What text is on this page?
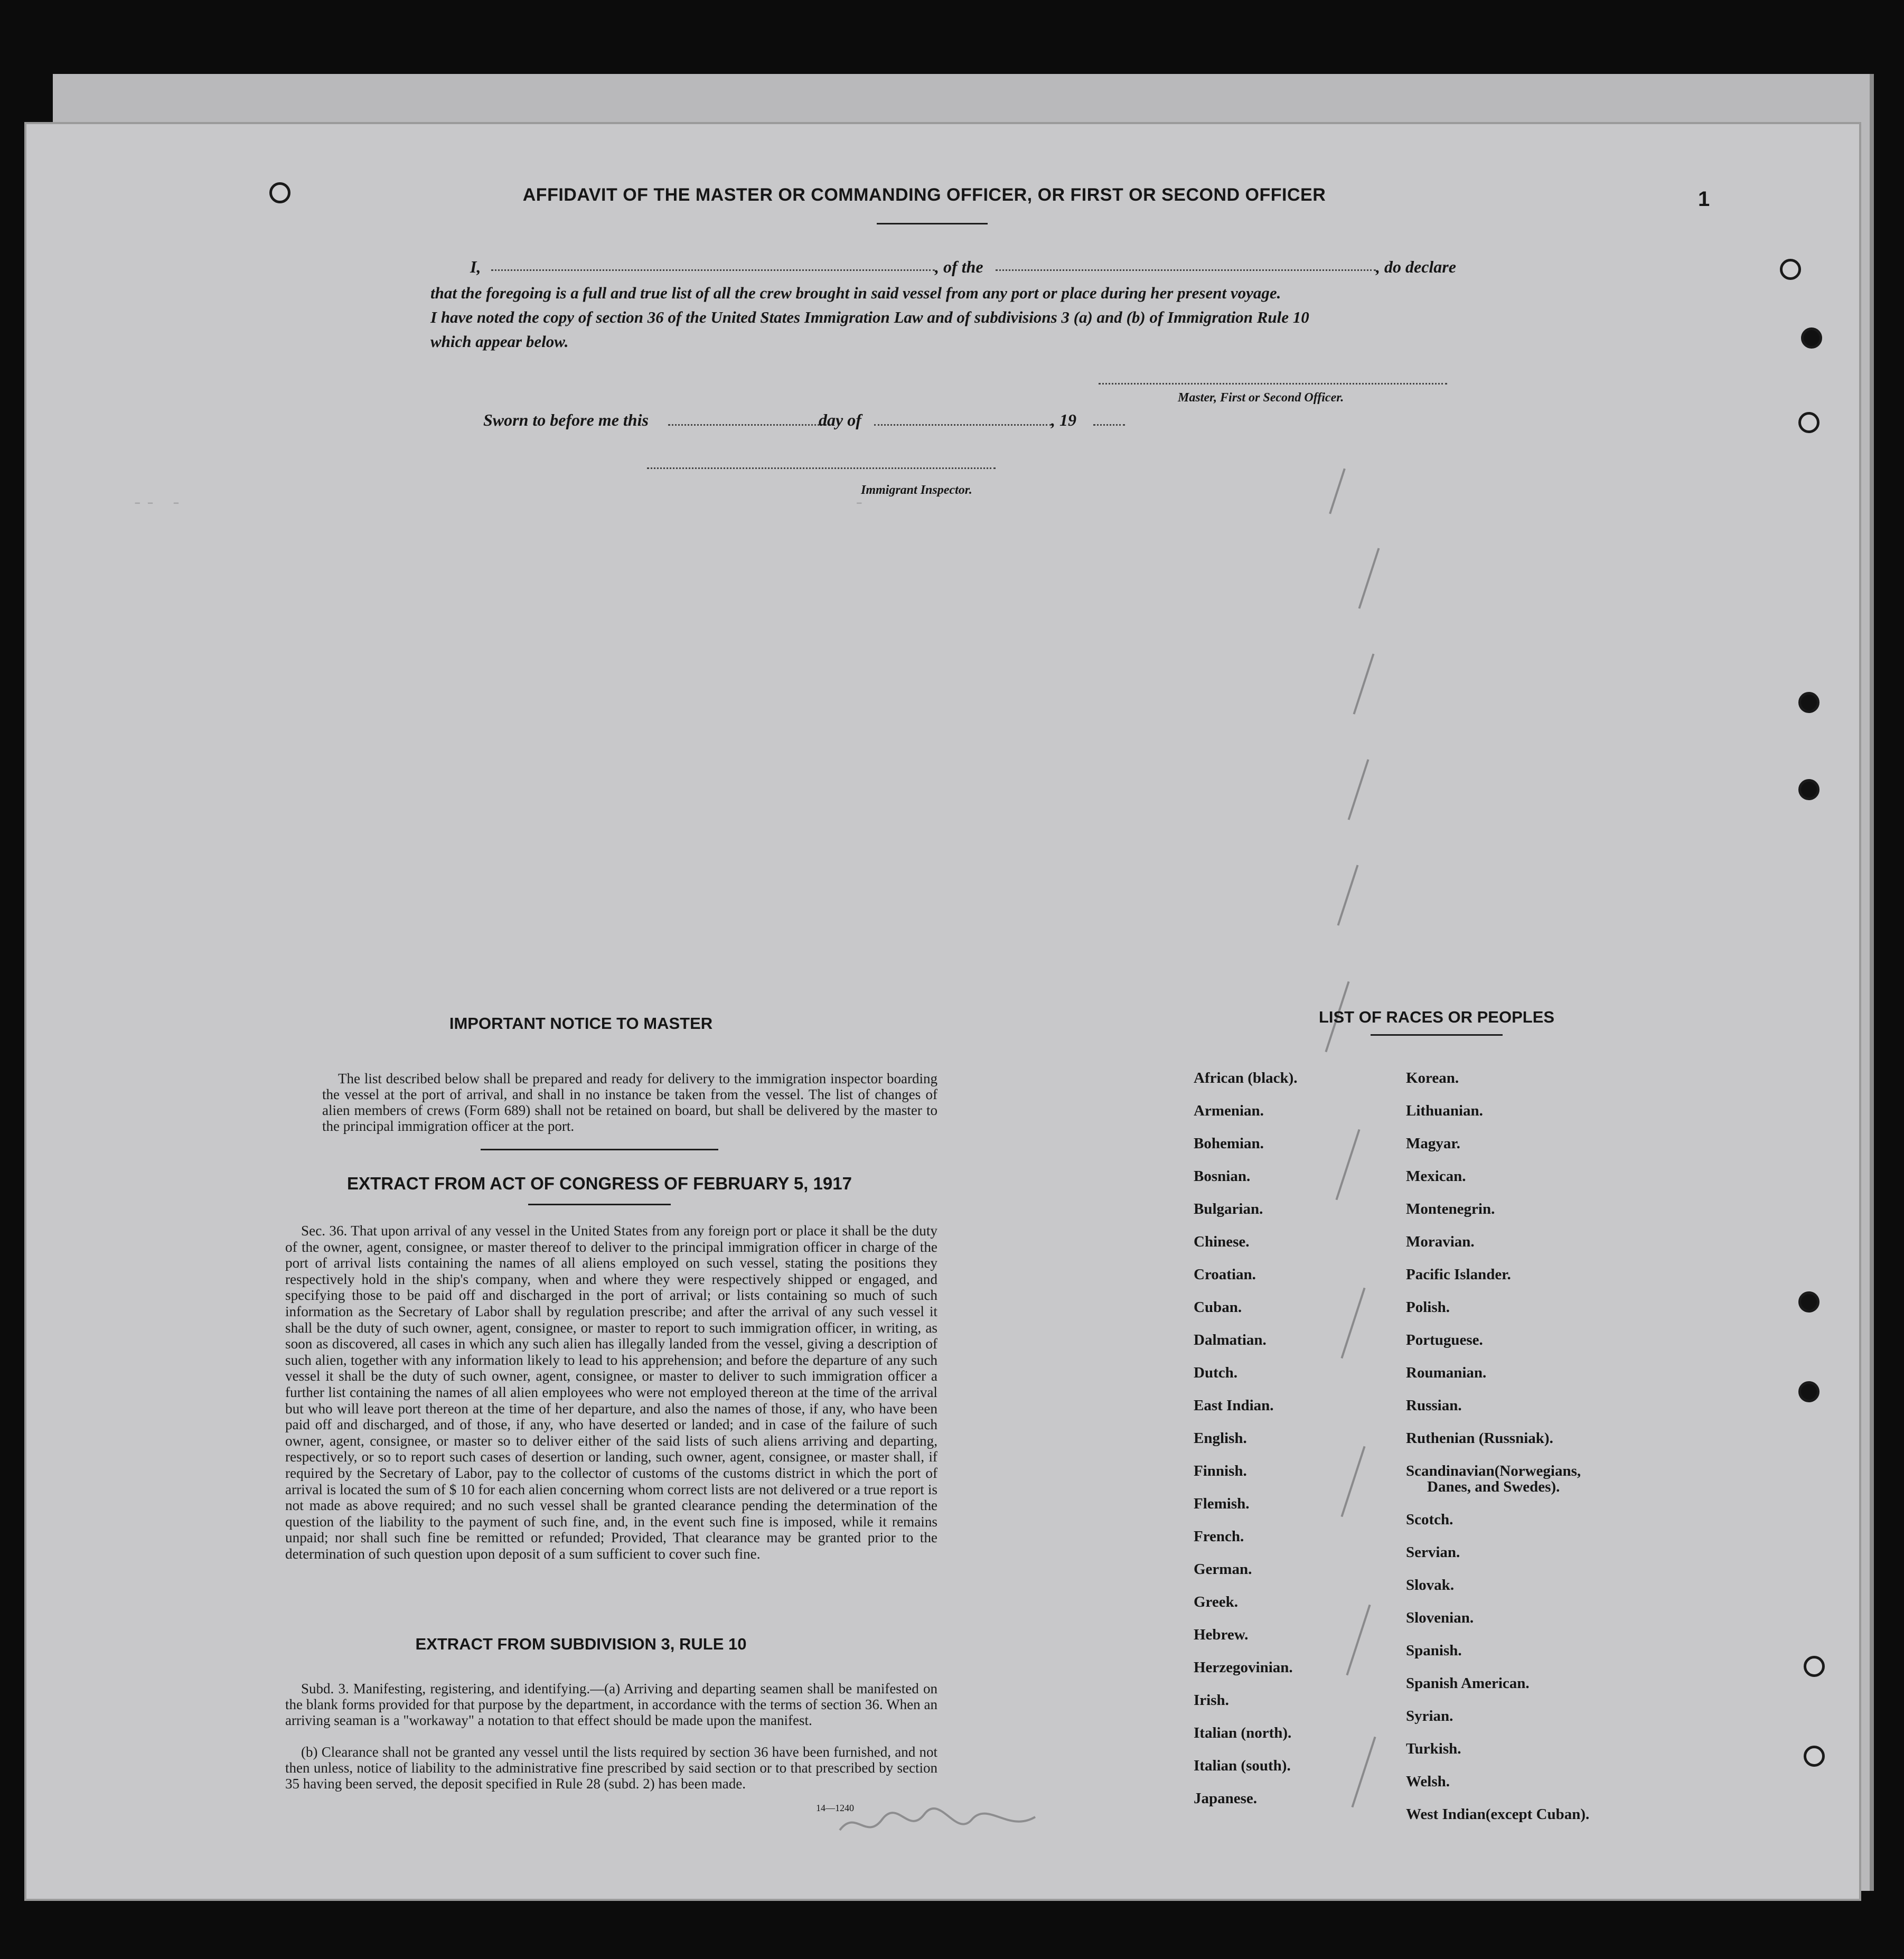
1
-- -                                                    -
AFFIDAVIT OF THE MASTER OR COMMANDING OFFICER, OR FIRST OR SECOND OFFICER
I,	, of the	, do declare
that the foregoing is a full and true list of all the crew brought in said vessel from any port or place during her present voyage.
I have noted the copy of section 36 of the United States Immigration Law and of subdivisions 3 (a) and (b) of Immigration Rule 10
which appear below.
Master, First or Second Officer.
Sworn to before me this	day of	, 19
Immigrant Inspector.
IMPORTANT NOTICE TO MASTER
The list described below shall be prepared and ready for delivery to the immigration inspector boarding the vessel at the port of arrival, and shall in no instance be taken from the vessel. The list of changes of alien members of crews (Form 689) shall not be retained on board, but shall be delivered by the master to the principal immigration officer at the port.
EXTRACT FROM ACT OF CONGRESS OF FEBRUARY 5, 1917
Sec. 36. That upon arrival of any vessel in the United States from any foreign port or place it shall be the duty of the owner, agent, consignee, or master thereof to deliver to the principal immigration officer in charge of the port of arrival lists containing the names of all aliens employed on such vessel, stating the positions they respectively hold in the ship's company, when and where they were respectively shipped or engaged, and specifying those to be paid off and discharged in the port of arrival; or lists containing so much of such information as the Secretary of Labor shall by regulation prescribe; and after the arrival of any such vessel it shall be the duty of such owner, agent, consignee, or master to report to such immigration officer, in writing, as soon as discovered, all cases in which any such alien has illegally landed from the vessel, giving a description of such alien, together with any information likely to lead to his apprehension; and before the departure of any such vessel it shall be the duty of such owner, agent, consignee, or master to deliver to such immigration officer a further list containing the names of all alien employees who were not employed thereon at the time of the arrival but who will leave port thereon at the time of her departure, and also the names of those, if any, who have been paid off and discharged, and of those, if any, who have deserted or landed; and in case of the failure of such owner, agent, consignee, or master so to deliver either of the said lists of such aliens arriving and departing, respectively, or so to report such cases of desertion or landing, such owner, agent, consignee, or master shall, if required by the Secretary of Labor, pay to the collector of customs of the customs district in which the port of arrival is located the sum of $ 10 for each alien concerning whom correct lists are not delivered or a true report is not made as above required; and no such vessel shall be granted clearance pending the determination of the question of the liability to the payment of such fine, and, in the event such fine is imposed, while it remains unpaid; nor shall such fine be remitted or refunded; Provided, That clearance may be granted prior to the determination of such question upon deposit of a sum sufficient to cover such fine.
EXTRACT FROM SUBDIVISION 3, RULE 10
Subd. 3. Manifesting, registering, and identifying.—(a) Arriving and departing seamen shall be manifested on the blank forms provided for that purpose by the department, in accordance with the terms of section 36. When an arriving seaman is a "workaway" a notation to that effect should be made upon the manifest.
(b) Clearance shall not be granted any vessel until the lists required by section 36 have been furnished, and not then unless, notice of liability to the administrative fine prescribed by said section or to that prescribed by section 35 having been served, the deposit specified in Rule 28 (subd. 2) has been made.
14—1240
LIST OF RACES OR PEOPLES
African (black).
Armenian.
Bohemian.
Bosnian.
Bulgarian.
Chinese.
Croatian.
Cuban.
Dalmatian.
Dutch.
East Indian.
English.
Finnish.
Flemish.
French.
German.
Greek.
Hebrew.
Herzegovinian.
Irish.
Italian (north).
Italian (south).
Japanese.
Korean.
Lithuanian.
Magyar.
Mexican.
Montenegrin.
Moravian.
Pacific Islander.
Polish.
Portuguese.
Roumanian.
Russian.
Ruthenian (Russniak).
Scandinavian(Norwegians,
Danes, and Swedes).
Scotch.
Servian.
Slovak.
Slovenian.
Spanish.
Spanish American.
Syrian.
Turkish.
Welsh.
West Indian(except Cuban).
